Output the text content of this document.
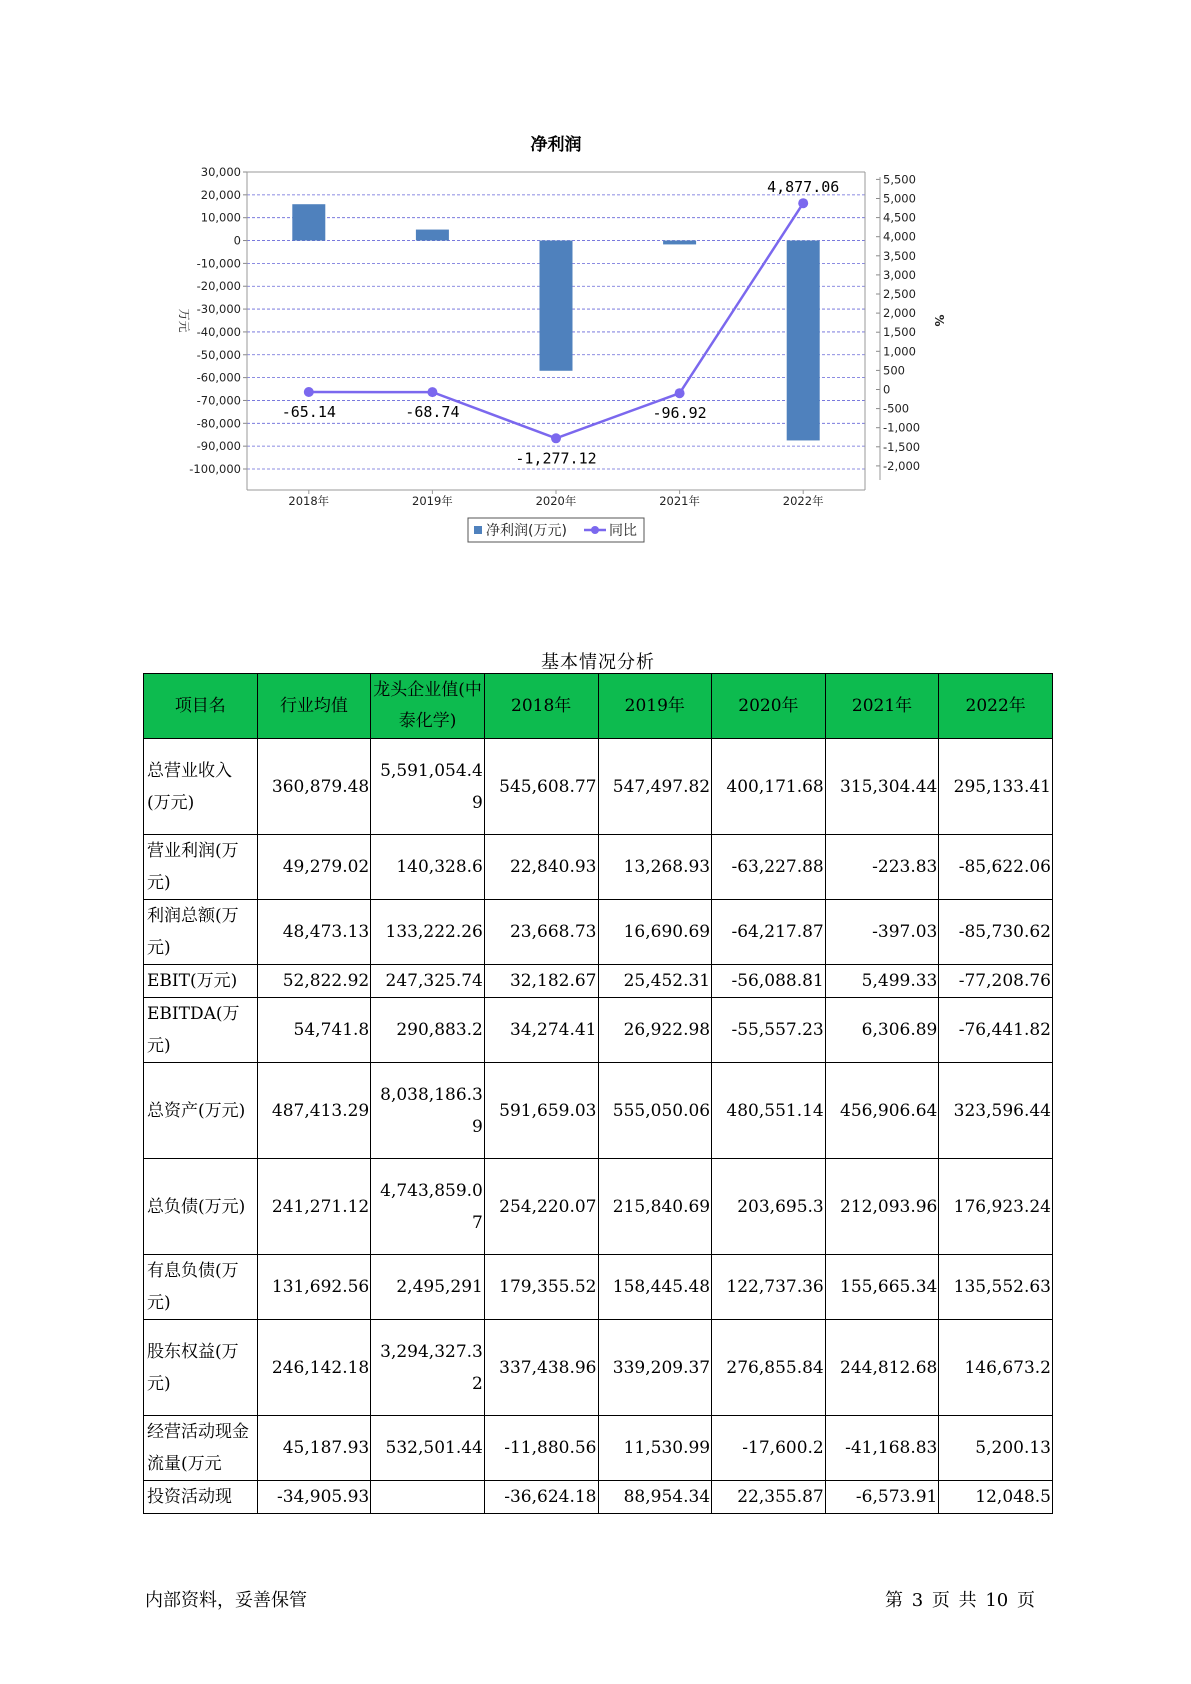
净利润
30,000
20,000
10,000
0
-10,000
-20,000
-30,000
-40,000
-50,000
-60,000
-70,000
-80,000
-90,000
-100,000
5,500
5,000
4,500
4,000
3,500
3,000
2,500
2,000
1,500
1,000
500
0
-500
-1,000
-1,500
-2,000
万元	%
2018年	2019年	2020年	2021年	2022年
-65.14	-68.74
-1,277.12
-96.92
4,877.06
净利润(万元)	同比
基本情况分析
项目名	行业均值	龙头企业值(中泰化学)	2018年	2019年	2020年	2021年	2022年
总营业收入(万元)	360,879.48	5,591,054.49	545,608.77	547,497.82	400,171.68	315,304.44	295,133.41
营业利润(万元)	49,279.02	140,328.6	22,840.93	13,268.93	-63,227.88	-223.83	-85,622.06
利润总额(万元)	48,473.13	133,222.26	23,668.73	16,690.69	-64,217.87	-397.03	-85,730.62
EBIT(万元)	52,822.92	247,325.74	32,182.67	25,452.31	-56,088.81	5,499.33	-77,208.76
EBITDA(万元)	54,741.8	290,883.2	34,274.41	26,922.98	-55,557.23	6,306.89	-76,441.82
总资产(万元)	487,413.29	8,038,186.39	591,659.03	555,050.06	480,551.14	456,906.64	323,596.44
总负债(万元)	241,271.12	4,743,859.07	254,220.07	215,840.69	203,695.3	212,093.96	176,923.24
有息负债(万元)	131,692.56	2,495,291	179,355.52	158,445.48	122,737.36	155,665.34	135,552.63
股东权益(万元)	246,142.18	3,294,327.32	337,438.96	339,209.37	276,855.84	244,812.68	146,673.2
经营活动现金流量(万元	45,187.93	532,501.44	-11,880.56	11,530.99	-17,600.2	-41,168.83	5,200.13
投资活动现	-34,905.93		-36,624.18	88,954.34	22,355.87	-6,573.91	12,048.5
内部资料，妥善保管	第 3 页 共 10 页
